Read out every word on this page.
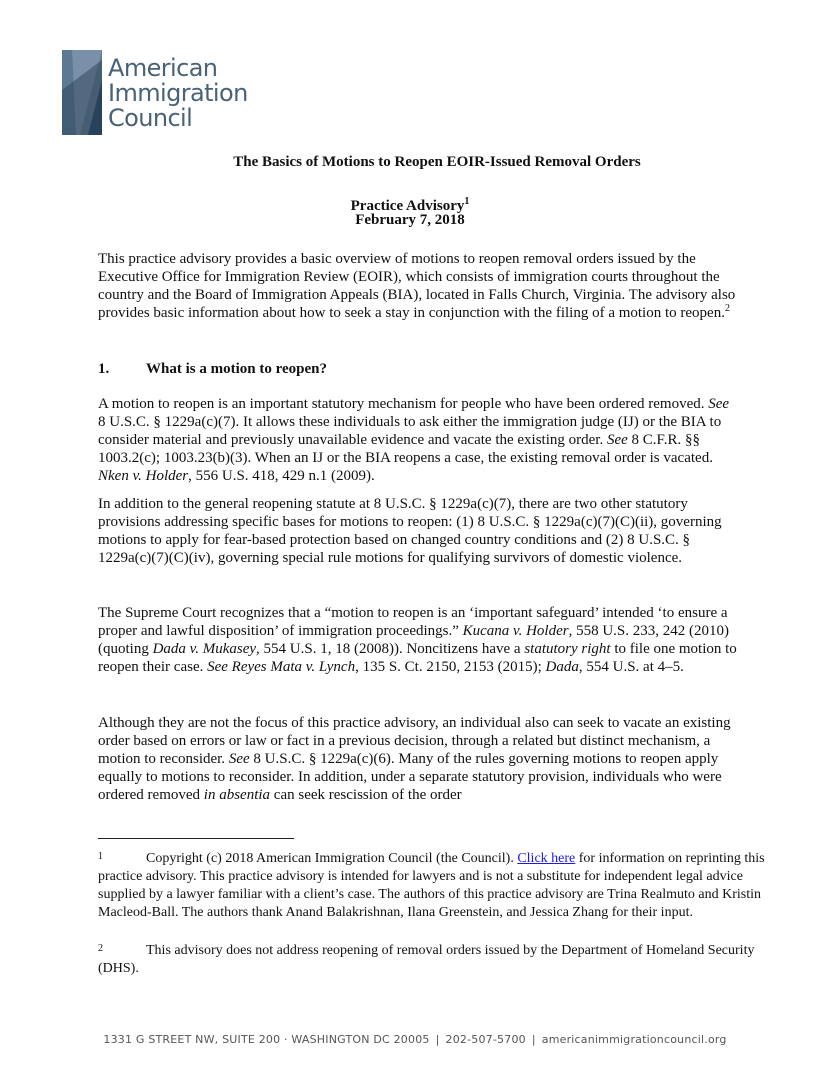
American
Immigration
Council
The Basics of Motions to Reopen EOIR-Issued Removal Orders
Practice Advisory$^1$
February 7, 2018

This practice advisory provides a basic overview of motions to reopen removal orders issued by the Executive Office for Immigration Review (EOIR), which consists of immigration courts throughout the country and the Board of Immigration Appeals (BIA), located in Falls Church, Virginia. The advisory also provides basic information about how to seek a stay in conjunction with the filing of a motion to reopen.$^2$

1. What is a motion to reopen?

A motion to reopen is an important statutory mechanism for people who have been ordered removed. See 8 U.S.C. § 1229a(c)(7). It allows these individuals to ask either the immigration judge (IJ) or the BIA to consider material and previously unavailable evidence and vacate the existing order. See 8 C.F.R. §§ 1003.2(c); 1003.23(b)(3). When an IJ or the BIA reopens a case, the existing removal order is vacated. Nken v. Holder, 556 U.S. 418, 429 n.1 (2009).

In addition to the general reopening statute at 8 U.S.C. § 1229a(c)(7), there are two other statutory provisions addressing specific bases for motions to reopen: (1) 8 U.S.C. § 1229a(c)(7)(C)(ii), governing motions to apply for fear-based protection based on changed country conditions and (2) 8 U.S.C. § 1229a(c)(7)(C)(iv), governing special rule motions for qualifying survivors of domestic violence.

The Supreme Court recognizes that a “motion to reopen is an ‘important safeguard’ intended ‘to ensure a proper and lawful disposition’ of immigration proceedings.” Kucana v. Holder, 558 U.S. 233, 242 (2010) (quoting Dada v. Mukasey, 554 U.S. 1, 18 (2008)). Noncitizens have a statutory right to file one motion to reopen their case. See Reyes Mata v. Lynch, 135 S. Ct. 2150, 2153 (2015); Dada, 554 U.S. at 4–5.

Although they are not the focus of this practice advisory, an individual also can seek to vacate an existing order based on errors or law or fact in a previous decision, through a related but distinct mechanism, a motion to reconsider. See 8 U.S.C. § 1229a(c)(6). Many of the rules governing motions to reopen apply equally to motions to reconsider. In addition, under a separate statutory provision, individuals who were ordered removed in absentia can seek rescission of the order

1	Copyright (c) 2018 American Immigration Council (the Council). Click here for information on reprinting this practice advisory. This practice advisory is intended for lawyers and is not a substitute for independent legal advice supplied by a lawyer familiar with a client’s case. The authors of this practice advisory are Trina Realmuto and Kristin Macleod-Ball. The authors thank Anand Balakrishnan, Ilana Greenstein, and Jessica Zhang for their input.
2	This advisory does not address reopening of removal orders issued by the Department of Homeland Security (DHS).
1331 G STREET NW, SUITE 200 · WASHINGTON DC 20005 | 202-507-5700 | americanimmigrationcouncil.org
